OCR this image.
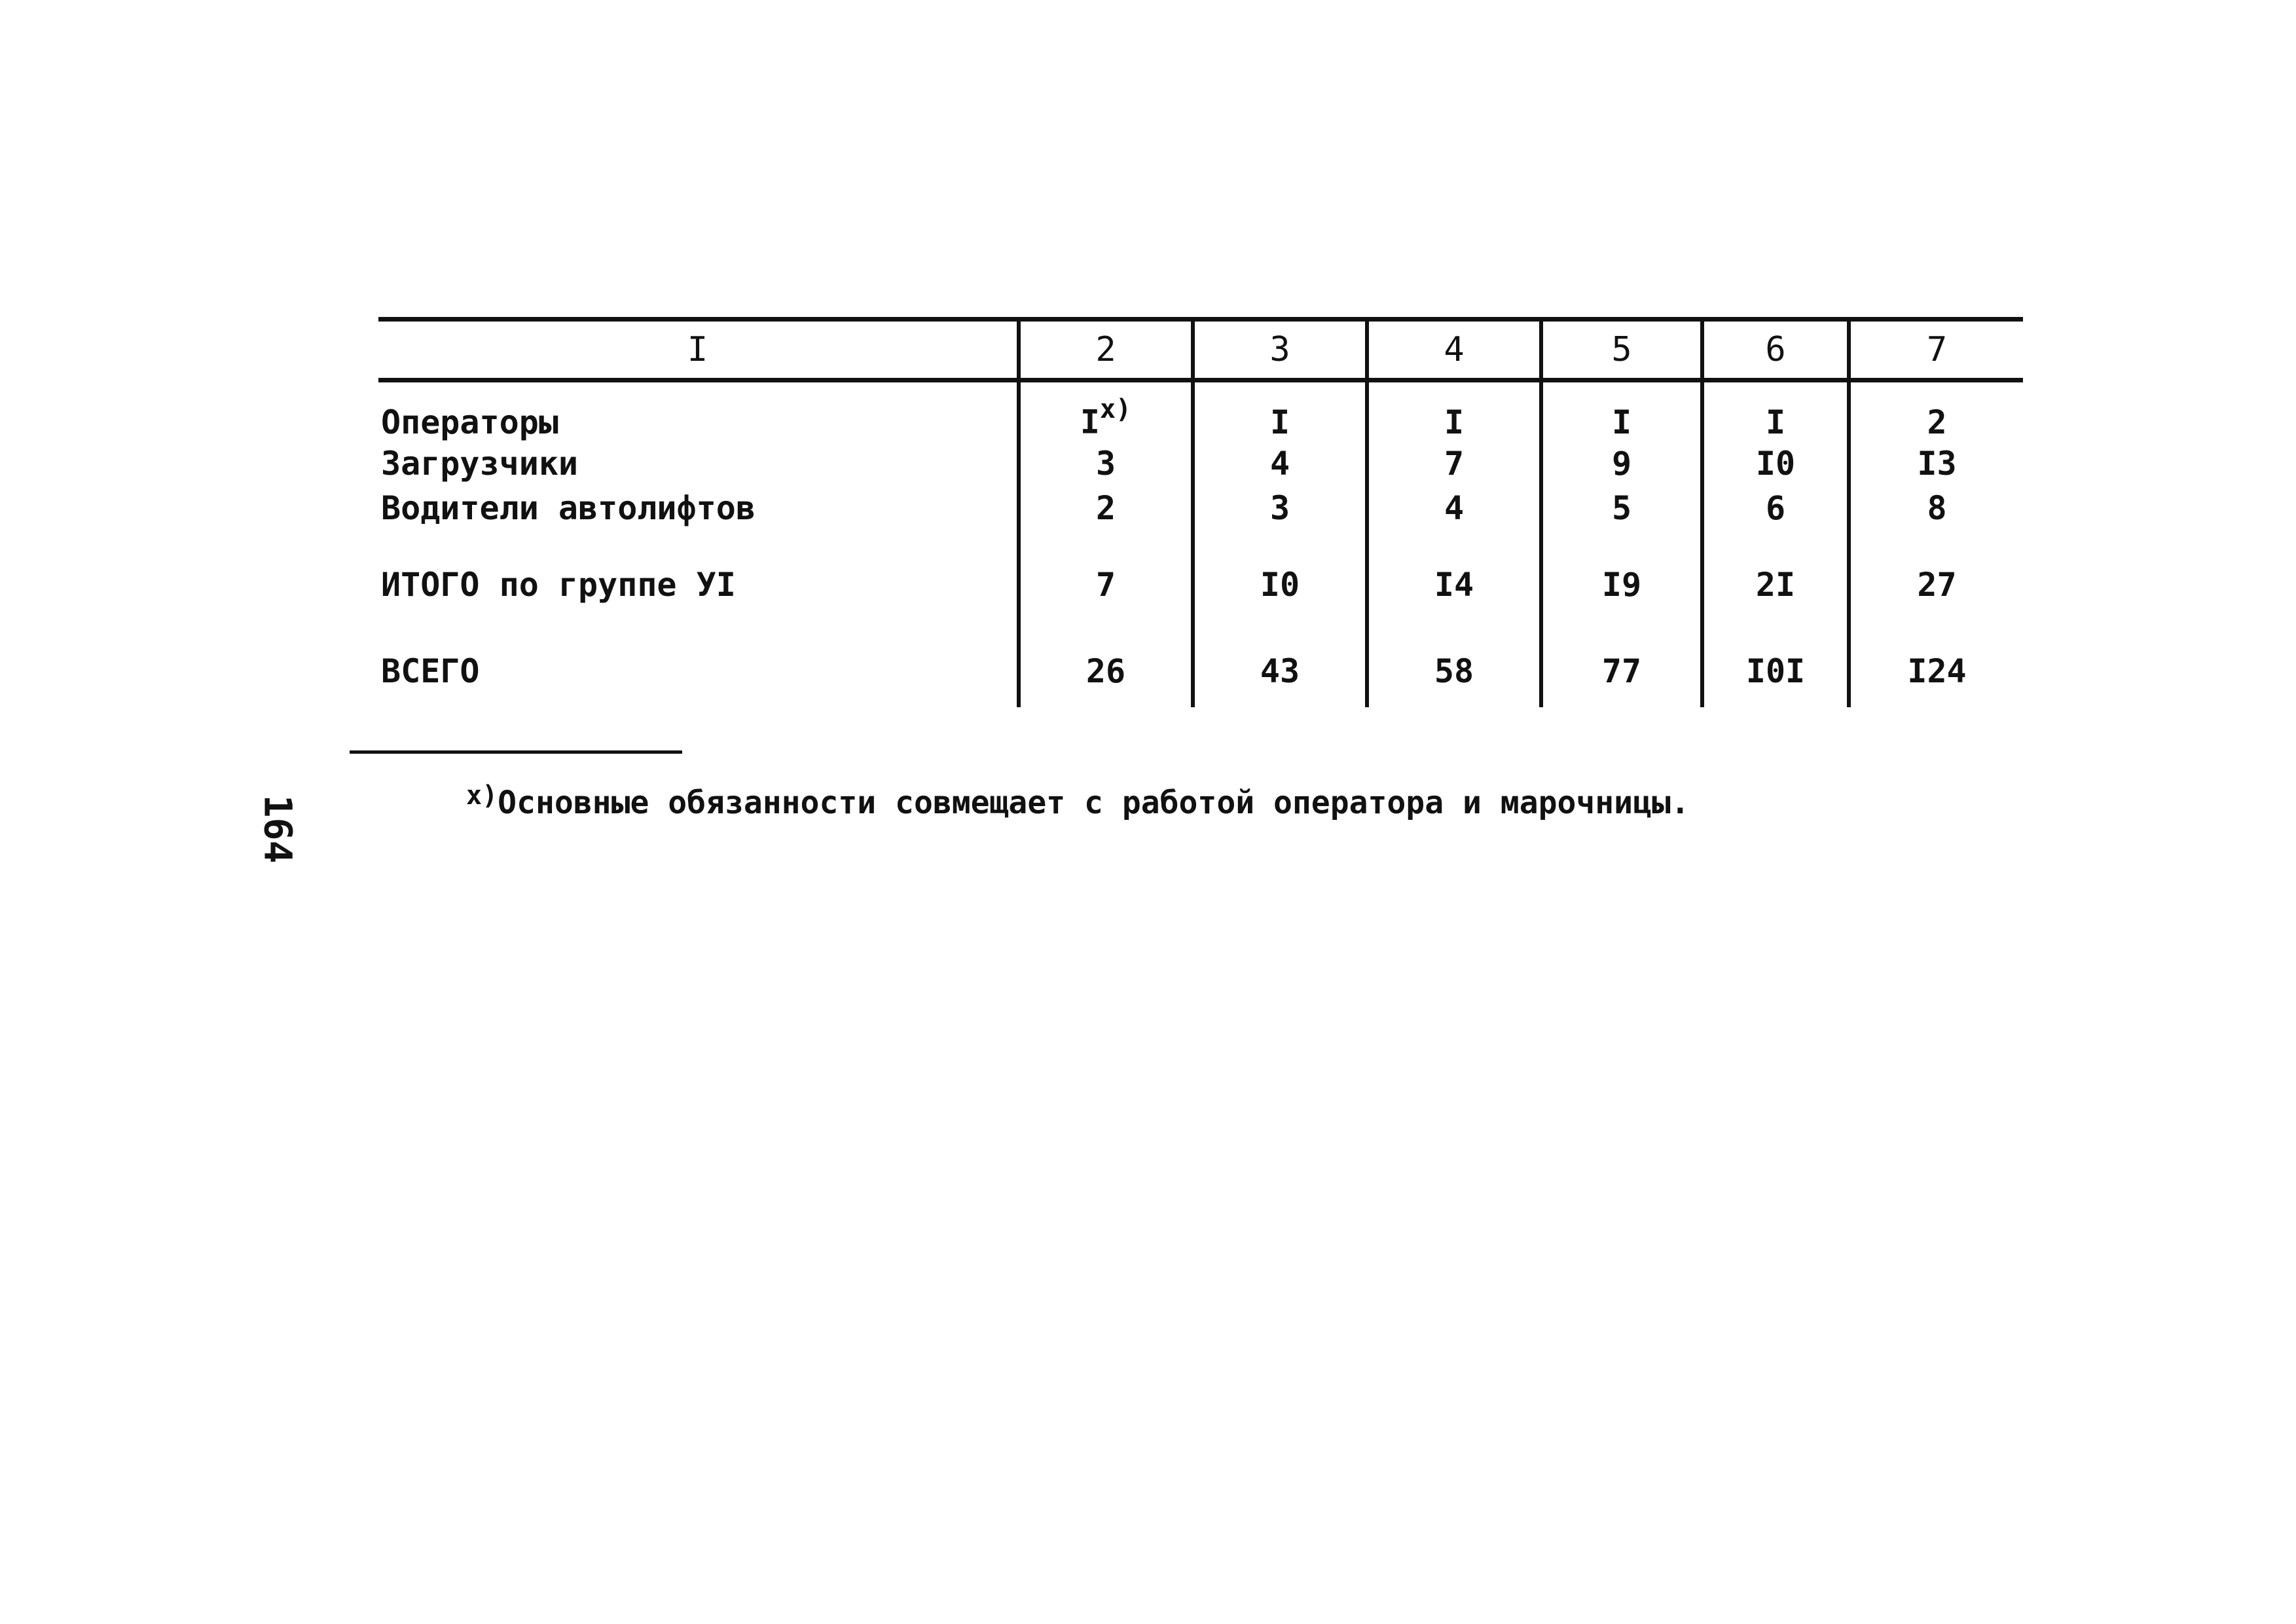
I	2	3	4	5	6	7
Операторы	I$^{x)}$	I	I	I	I	2
Загрузчики	3	4	7	9	I0	I3
Водители автолифтов	2	3	4	5	6	8
ИТОГО по группе УI	7	I0	I4	I9	2I	27
ВСЕГО	26	43	58	77	I0I	I24
$^{x)}$Основные обязанности совмещает с работой оператора и марочницы.
164
